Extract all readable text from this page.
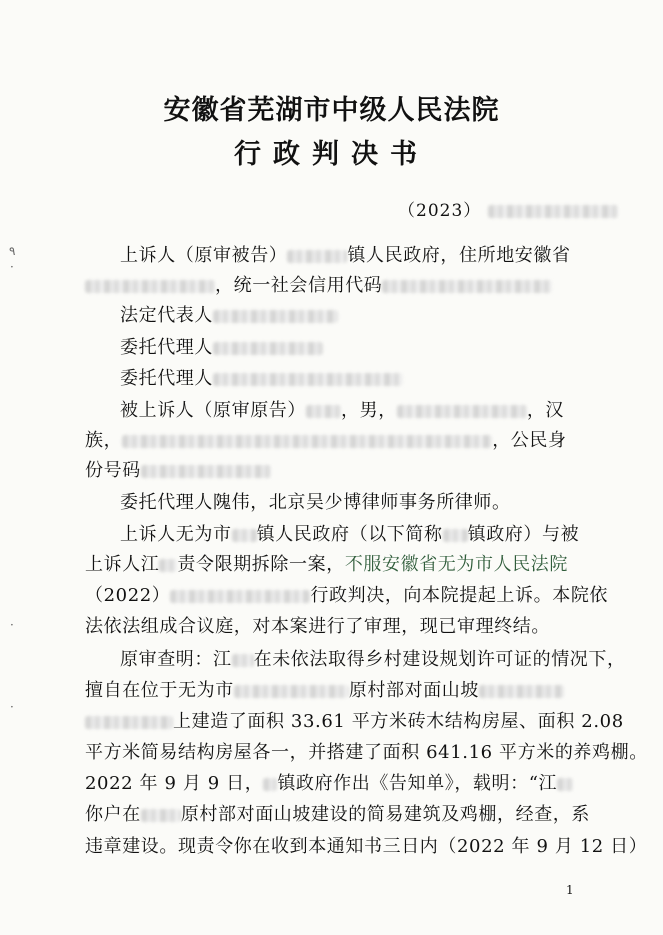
安徽省芜湖市中级人民法院
行政判决书
（2023）
上诉人（原审被告）	镇人民政府，住所地安徽省
，统一社会信用代码
法定代表人
委托代理人
委托代理人
被上诉人（原审原告） ，男，	，汉
族，	，公民身
份号码
委托代理人隗伟，北京吴少博律师事务所律师。
上诉人无为市 镇人民政府（以下简称 镇政府）与被
上诉人江 责令限期拆除一案，不服安徽省无为市人民法院
（2022）	行政判决，向本院提起上诉。本院依
法依法组成合议庭，对本案进行了审理，现已审理终结。
原审查明：江 在未依法取得乡村建设规划许可证的情况下，
擅自在位于无为市	原村部对面山坡
上建造了面积 33.61 平方米砖木结构房屋、面积 2.08
平方米简易结构房屋各一，并搭建了面积 641.16 平方米的养鸡棚。
2022 年 9 月 9 日， 镇政府作出《告知单》，载明：“江
你户在 原村部对面山坡建设的简易建筑及鸡棚，经查，系
违章建设。现责令你在收到本通知书三日内（2022 年 9 月 12 日）
٩
·
·
·
1
